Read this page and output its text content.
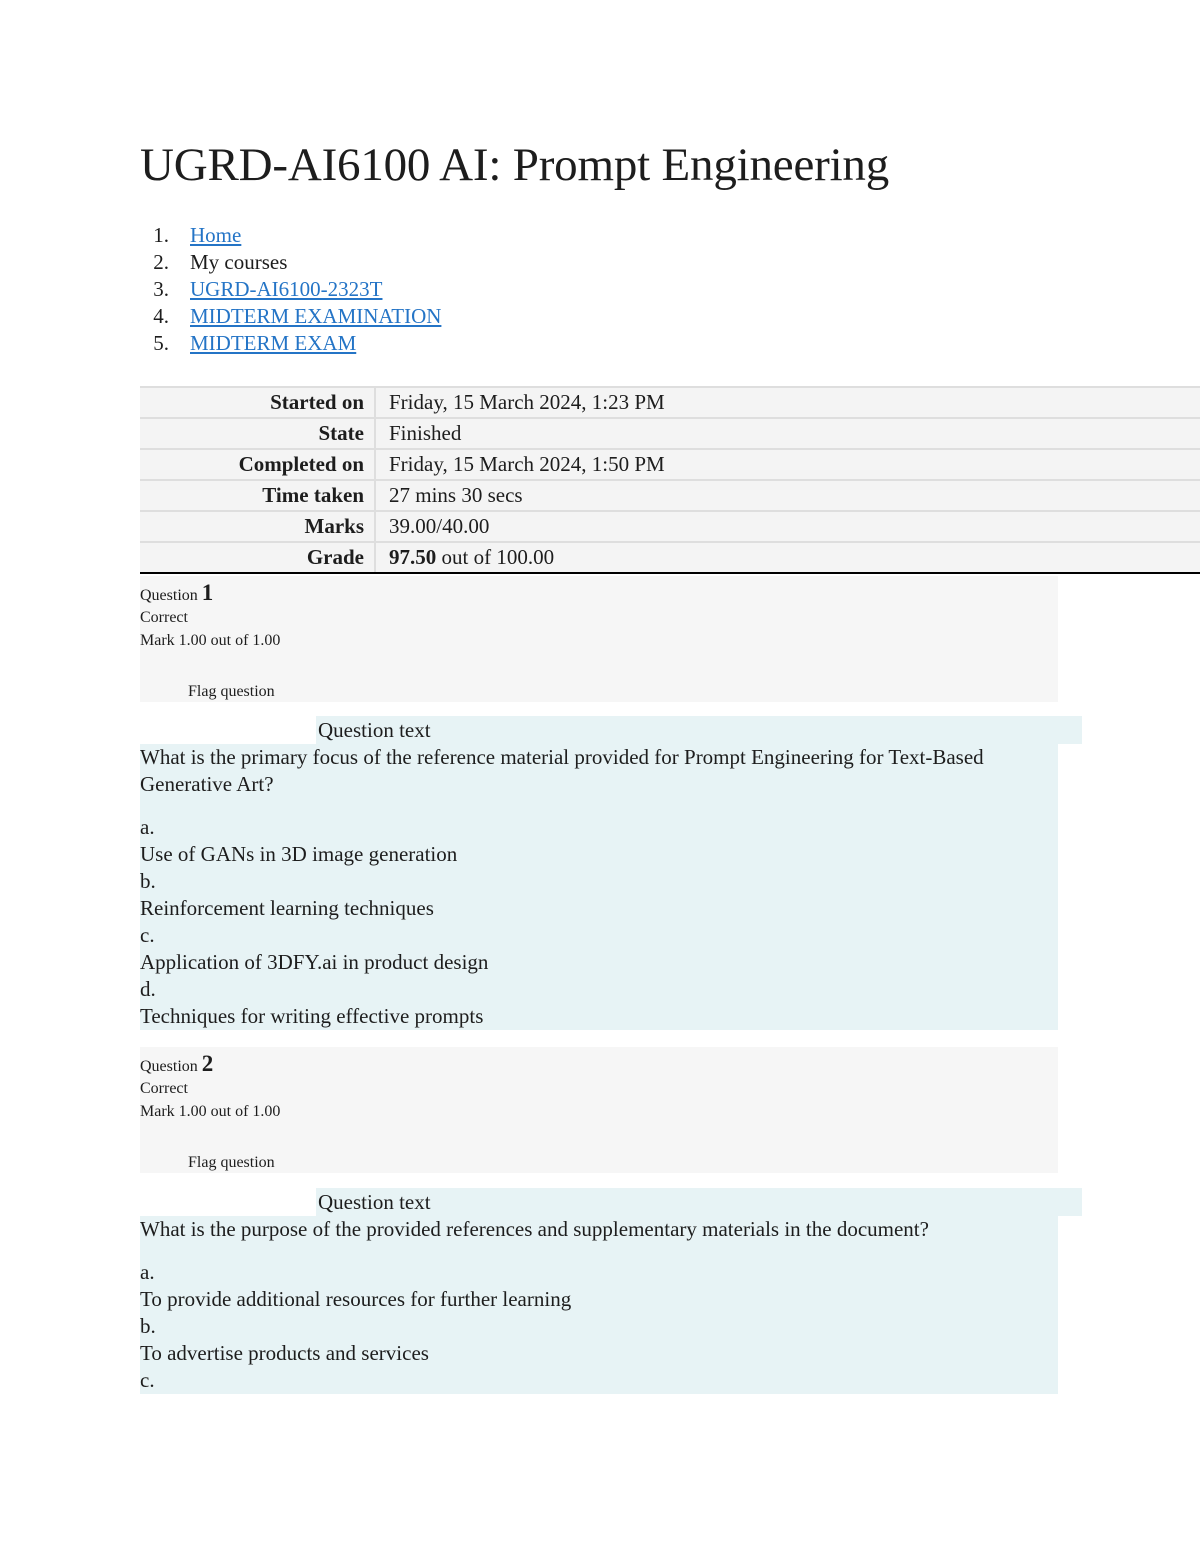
UGRD-AI6100 AI: Prompt Engineering
1. Home
2. My courses
3. UGRD-AI6100-2323T
4. MIDTERM EXAMINATION
5. MIDTERM EXAM
Started on	Friday, 15 March 2024, 1:23 PM
State	Finished
Completed on	Friday, 15 March 2024, 1:50 PM
Time taken	27 mins 30 secs
Marks	39.00/40.00
Grade	97.50 out of 100.00
Question 1
Correct
Mark 1.00 out of 1.00
Flag question
Question text

What is the primary focus of the reference material provided for Prompt Engineering for Text-Based Generative Art?

a.
Use of GANs in 3D image generation
b.
Reinforcement learning techniques
c.
Application of 3DFY.ai in product design
d.
Techniques for writing effective prompts
Question 2
Correct
Mark 1.00 out of 1.00
Flag question
Question text

What is the purpose of the provided references and supplementary materials in the document?

a.
To provide additional resources for further learning
b.
To advertise products and services
c.
